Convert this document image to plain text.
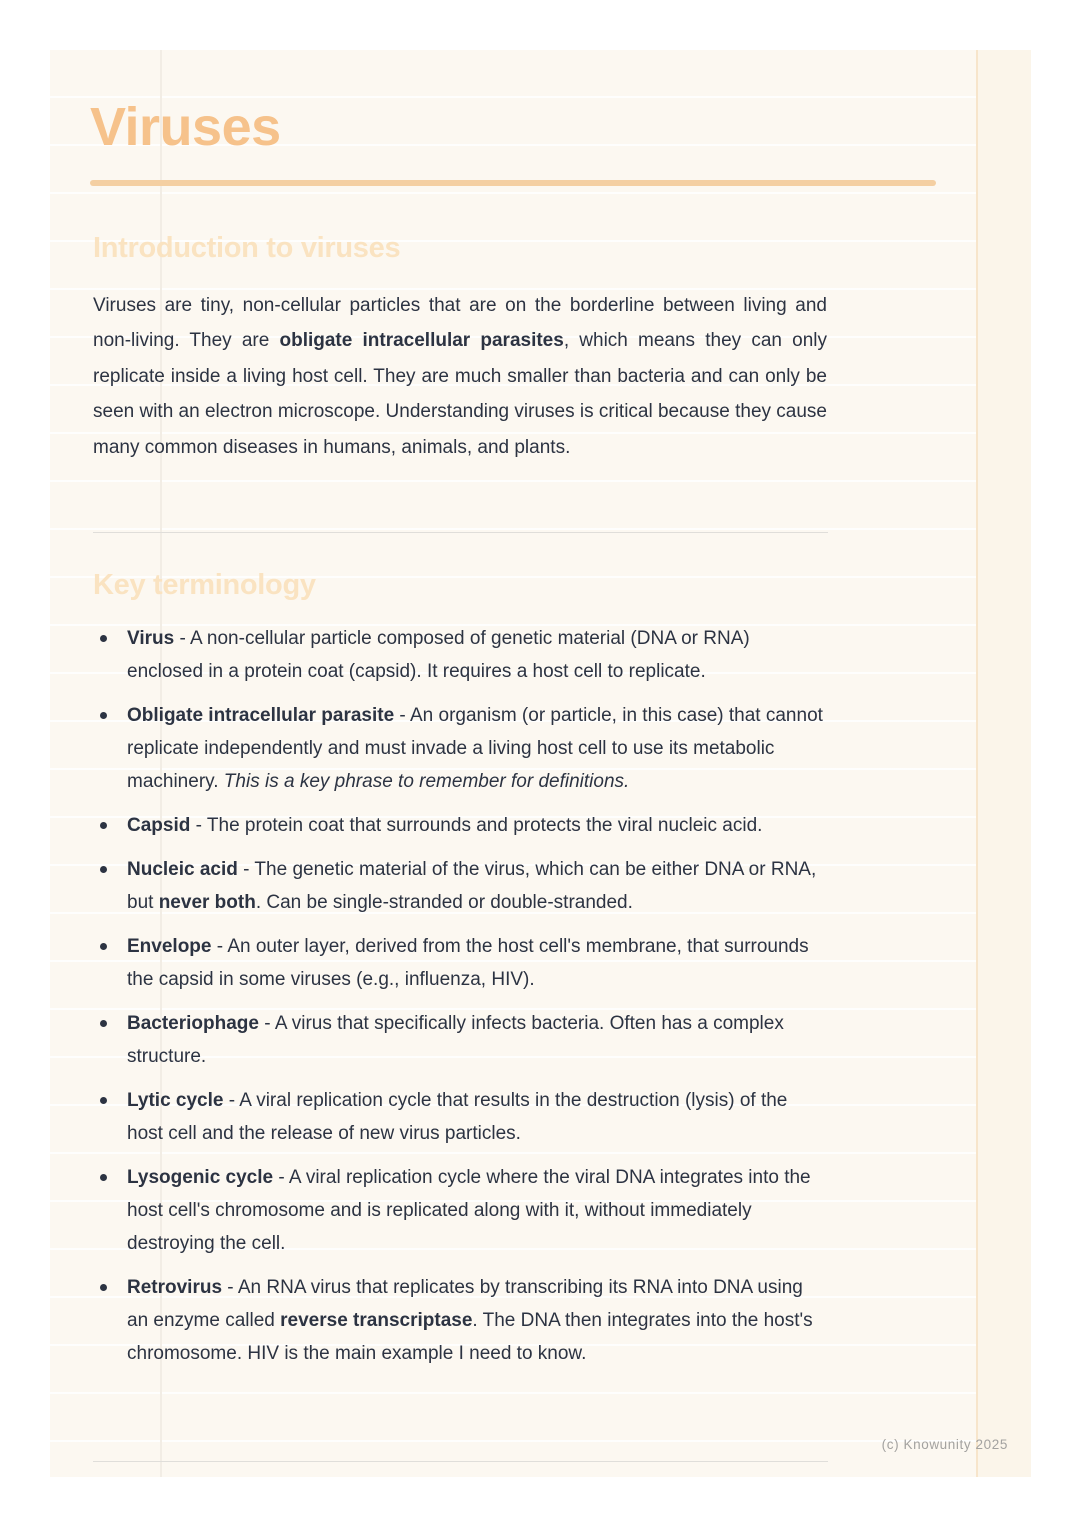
Viruses
Introduction to viruses

Viruses are tiny, non-cellular particles that are on the borderline between living and non-living. They are obligate intracellular parasites, which means they can only replicate inside a living host cell. They are much smaller than bacteria and can only be seen with an electron microscope. Understanding viruses is critical because they cause many common diseases in humans, animals, and plants.

Key terminology
Virus - A non-cellular particle composed of genetic material (DNA or RNA) enclosed in a protein coat (capsid). It requires a host cell to replicate.
Obligate intracellular parasite - An organism (or particle, in this case) that cannot replicate independently and must invade a living host cell to use its metabolic machinery. This is a key phrase to remember for definitions.
Capsid - The protein coat that surrounds and protects the viral nucleic acid.
Nucleic acid - The genetic material of the virus, which can be either DNA or RNA, but never both. Can be single-stranded or double-stranded.
Envelope - An outer layer, derived from the host cell's membrane, that surrounds the capsid in some viruses (e.g., influenza, HIV).
Bacteriophage - A virus that specifically infects bacteria. Often has a complex structure.
Lytic cycle - A viral replication cycle that results in the destruction (lysis) of the host cell and the release of new virus particles.
Lysogenic cycle - A viral replication cycle where the viral DNA integrates into the host cell's chromosome and is replicated along with it, without immediately destroying the cell.
Retrovirus - An RNA virus that replicates by transcribing its RNA into DNA using an enzyme called reverse transcriptase. The DNA then integrates into the host's chromosome. HIV is the main example I need to know.
(c) Knowunity 2025
